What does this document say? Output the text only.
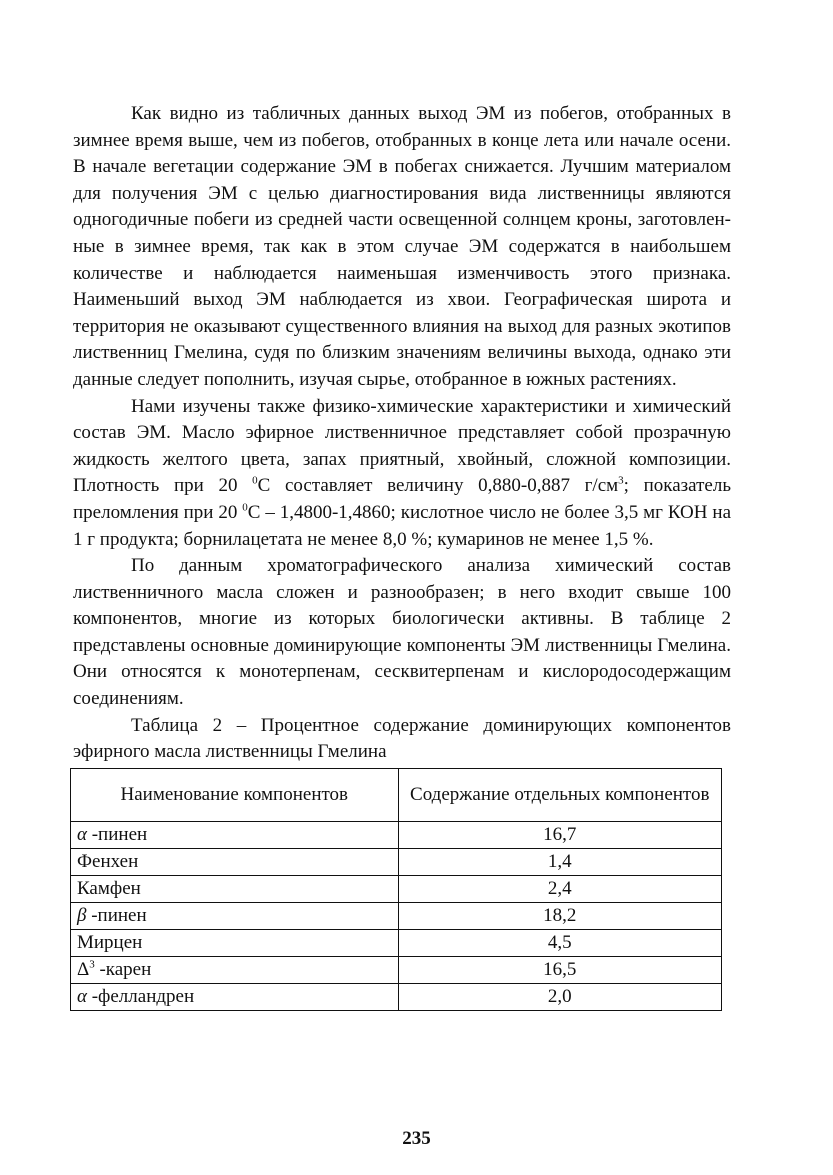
Как видно из табличных данных выход ЭМ из побегов, отобранных в зимнее время выше, чем из побегов, отобранных в конце лета или начале осени. В начале вегетации содержание ЭМ в побегах снижается. Лучшим материалом для получения ЭМ с целью диагностирования вида лиственницы являются одногодичные побеги из средней части освещенной солнцем кроны, заготовленные в зимнее время, так как в этом случае ЭМ содержатся в наибольшем количестве и наблюдается наименьшая изменчивость этого признака. Наименьший выход ЭМ наблюдается из хвои. Географическая широта и территория не оказывают существенного влияния на выход для разных экотипов лиственниц Гмелина, судя по близким значениям величины выхода, однако эти данные следует пополнить, изучая сырье, отобранное в южных растениях.

Нами изучены также физико-химические характеристики и химический состав ЭМ. Масло эфирное лиственничное представляет собой прозрачную жидкость желтого цвета, запах приятный, хвойный, сложной композиции. Плотность при 20 $^0$С составляет величину 0,880-0,887 $г/см^3$; показатель преломления при 20 $^0$С – 1,4800-1,4860; кислотное число не более 3,5 мг КОН на 1 г продукта; борнилацетата не менее 8,0 %; кумаринов не менее 1,5 %.

По данным хроматографического анализа химический состав лиственничного масла сложен и разнообразен; в него входит свыше 100 компонентов, многие из которых биологически активны. В таблице 2 представлены основные доминирующие компоненты ЭМ лиственницы Гмелина. Они относятся к монотерпенам, сесквитерпенам и кислородосодержащим соединениям.

Таблица 2 – Процентное содержание доминирующих компонентов эфирного масла лиственницы Гмелина

Наименование компонентов	Содержание отдельных компонентов
α -пинен	16,7
Фенхен	1,4
Камфен	2,4
β -пинен	18,2
Мирцен	4,5
$\Delta^3$ -карен	16,5
α -фелландрен	2,0
235
